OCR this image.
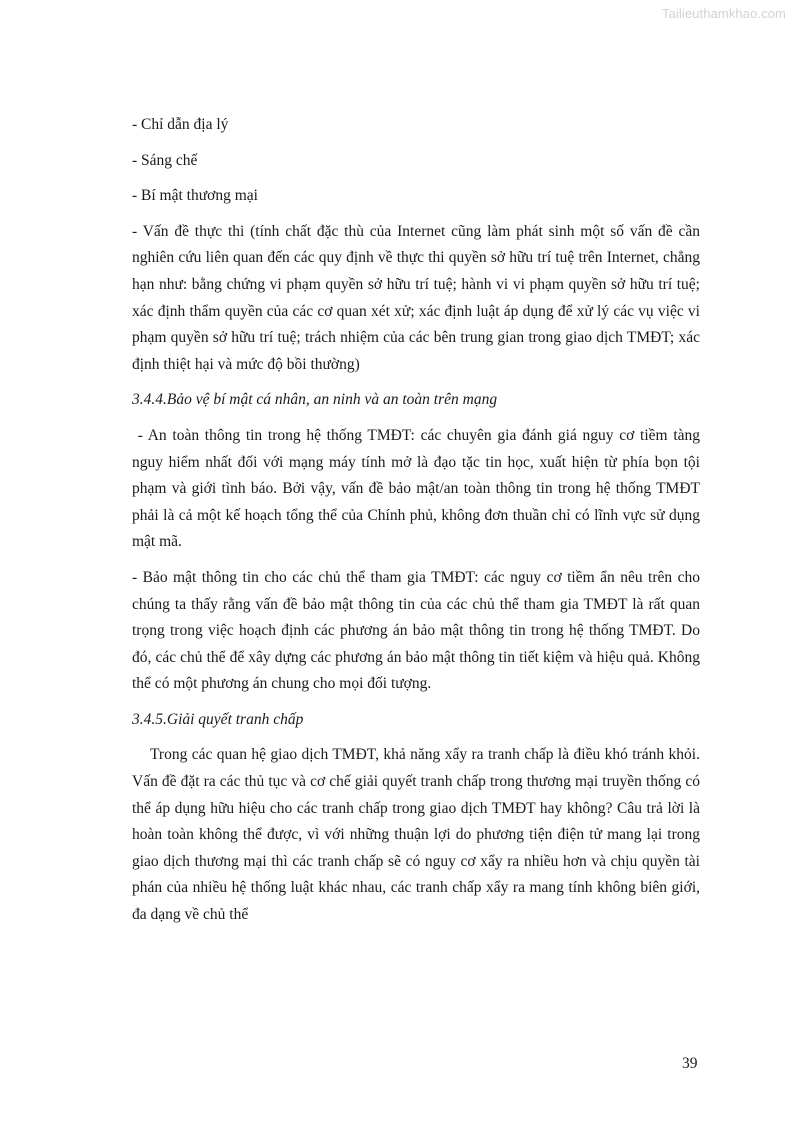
Tailieuthamkhao.com

- Chỉ dẫn địa lý

- Sáng chế

- Bí mật thương mại

- Vấn đề thực thi (tính chất đặc thù của Internet cũng làm phát sinh một số vấn đề cần nghiên cứu liên quan đến các quy định về thực thi quyền sở hữu trí tuệ trên Internet, chẳng hạn như: bằng chứng vi phạm quyền sở hữu trí tuệ; hành vi vi phạm quyền sở hữu trí tuệ; xác định thẩm quyền của các cơ quan xét xử; xác định luật áp dụng để xử lý các vụ việc vi phạm quyền sở hữu trí tuệ; trách nhiệm của các bên trung gian trong giao dịch TMĐT; xác định thiệt hại và mức độ bồi thường)

3.4.4.Bảo vệ bí mật cá nhân, an ninh và an toàn trên mạng

- An toàn thông tin trong hệ thống TMĐT: các chuyên gia đánh giá nguy cơ tiềm tàng nguy hiểm nhất đối với mạng máy tính mở là đạo tặc tin học, xuất hiện từ phía bọn tội phạm và giới tình báo. Bởi vậy, vấn đề bảo mật/an toàn thông tin trong hệ thống TMĐT phải là cả một kế hoạch tổng thể của Chính phủ, không đơn thuần chỉ có lĩnh vực sử dụng mật mã.

- Bảo mật thông tin cho các chủ thể tham gia TMĐT: các nguy cơ tiềm ẩn nêu trên cho chúng ta thấy rằng vấn đề bảo mật thông tin của các chủ thể tham gia TMĐT là rất quan trọng trong việc hoạch định các phương án bảo mật thông tin trong hệ thống TMĐT. Do đó, các chủ thể để xây dựng các phương án bảo mật thông tin tiết kiệm và hiệu quả. Không thể có một phương án chung cho mọi đối tượng.

3.4.5.Giải quyết tranh chấp

Trong các quan hệ giao dịch TMĐT, khả năng xẩy ra tranh chấp là điều khó tránh khỏi. Vấn đề đặt ra các thủ tục và cơ chế giải quyết tranh chấp trong thương mại truyền thống có thể áp dụng hữu hiệu cho các tranh chấp trong giao dịch TMĐT hay không? Câu trả lời là hoàn toàn không thể được, vì với những thuận lợi do phương tiện điện tử mang lại trong giao dịch thương mại thì các tranh chấp sẽ có nguy cơ xẩy ra nhiều hơn và chịu quyền tài phán của nhiều hệ thống luật khác nhau, các tranh chấp xẩy ra mang tính không biên giới, đa dạng về chủ thể

39
